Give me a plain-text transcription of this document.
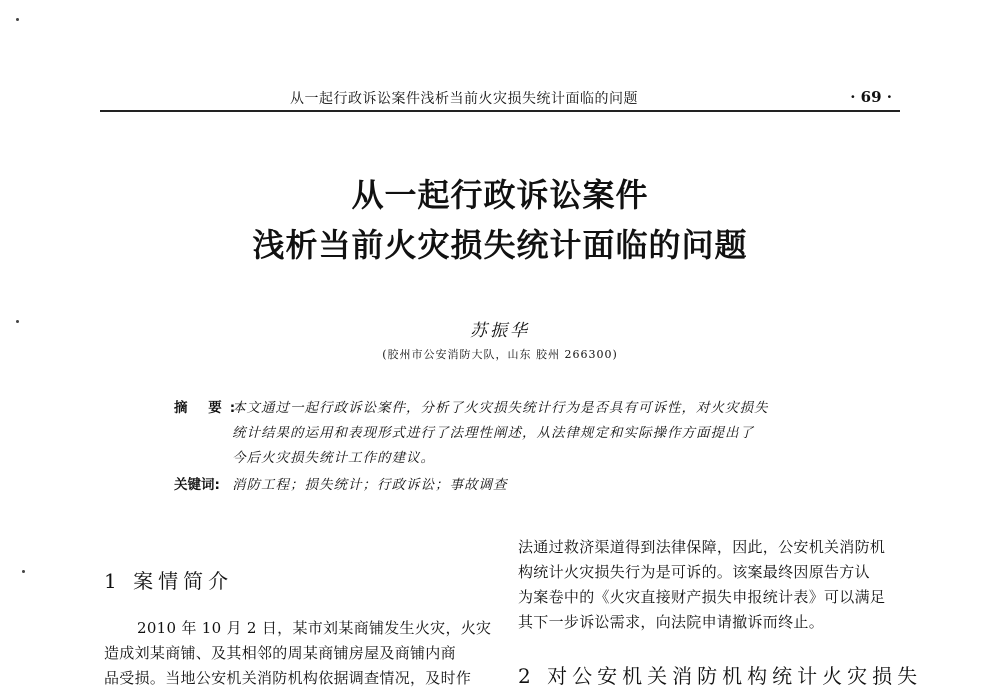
从一起行政诉讼案件浅析当前火灾损失统计面临的问题	· 69 ·
从一起行政诉讼案件
浅析当前火灾损失统计面临的问题
苏振华
(胶州市公安消防大队，山东 胶州 266300)
摘 要:
本文通过一起行政诉讼案件，分析了火灾损失统计行为是否具有可诉性，对火灾损失
统计结果的运用和表现形式进行了法理性阐述，从法律规定和实际操作方面提出了
今后火灾损失统计工作的建议。
关键词: 消防工程；损失统计；行政诉讼；事故调查
1 案情简介
2010 年 10 月 2 日，某市刘某商铺发生火灾，火灾
造成刘某商铺、及其相邻的周某商铺房屋及商铺内商
品受损。当地公安机关消防机构依据调查情况，及时作
法通过救济渠道得到法律保障，因此，公安机关消防机
构统计火灾损失行为是可诉的。该案最终因原告方认
为案卷中的《火灾直接财产损失申报统计表》可以满足
其下一步诉讼需求，向法院申请撤诉而终止。
2 对公安机关消防机构统计火灾损失
